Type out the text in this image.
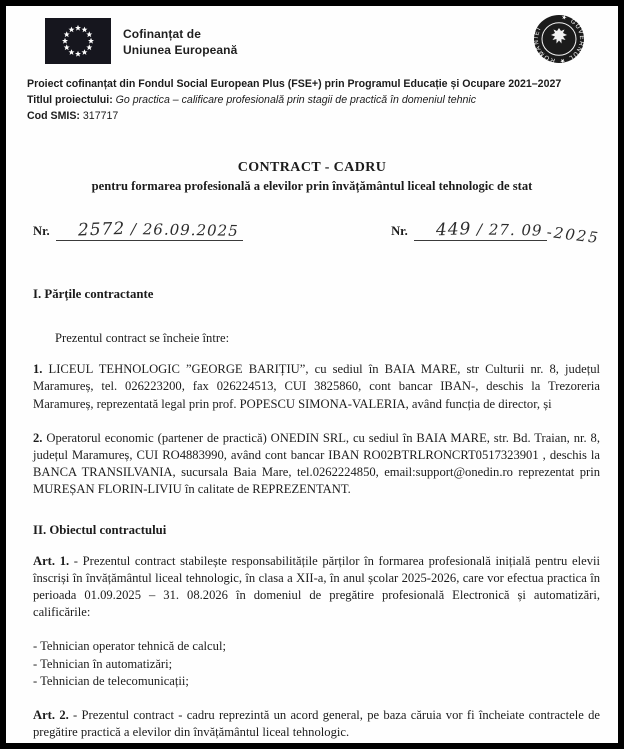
Cofinanțat de
Uniunea Europeană
★ GUVERNUL ★ ROMÂNIEI
Proiect cofinanțat din Fondul Social European Plus (FSE+) prin Programul Educație și Ocupare 2021–2027
Titlul proiectului: Go practica – calificare profesională prin stagii de practică în domeniul tehnic
Cod SMIS: 317717
CONTRACT - CADRU
pentru formarea profesională a elevilor prin învățământul liceal tehnologic de stat
Nr.	2572 / 26.09.2025	Nr.	449 / 27. 09 -2025
I. Părțile contractante
Prezentul contract se încheie între:
1. LICEUL TEHNOLOGIC ”GEORGE BARIȚIU”, cu sediul în BAIA MARE, str Culturii nr. 8, județul Maramureș, tel. 026223200, fax 026224513, CUI 3825860, cont bancar IBAN-, deschis la Trezoreria Maramureș, reprezentată legal prin prof. POPESCU SIMONA-VALERIA, având funcția de director, și
2. Operatorul economic (partener de practică) ONEDIN SRL, cu sediul în BAIA MARE, str. Bd. Traian, nr. 8, județul Maramureș, CUI RO4883990, având cont bancar IBAN RO02BTRLRONCRT0517323901 , deschis la BANCA TRANSILVANIA, sucursala Baia Mare, tel.0262224850, email:support@onedin.ro reprezentat prin MUREȘAN FLORIN-LIVIU în calitate de REPREZENTANT.
II. Obiectul contractului
Art. 1. - Prezentul contract stabilește responsabilitățile părților în formarea profesională inițială pentru elevii înscriși în învățământul liceal tehnologic, în clasa a XII-a, în anul școlar 2025-2026, care vor efectua practica în perioada 01.09.2025 – 31. 08.2026 în domeniul de pregătire profesională Electronică și automatizări, calificările:
- Tehnician operator tehnică de calcul;
- Tehnician în automatizări;
- Tehnician de telecomunicații;
Art. 2. - Prezentul contract - cadru reprezintă un acord general, pe baza căruia vor fi încheiate contractele de pregătire practică a elevilor din învățământul liceal tehnologic.
